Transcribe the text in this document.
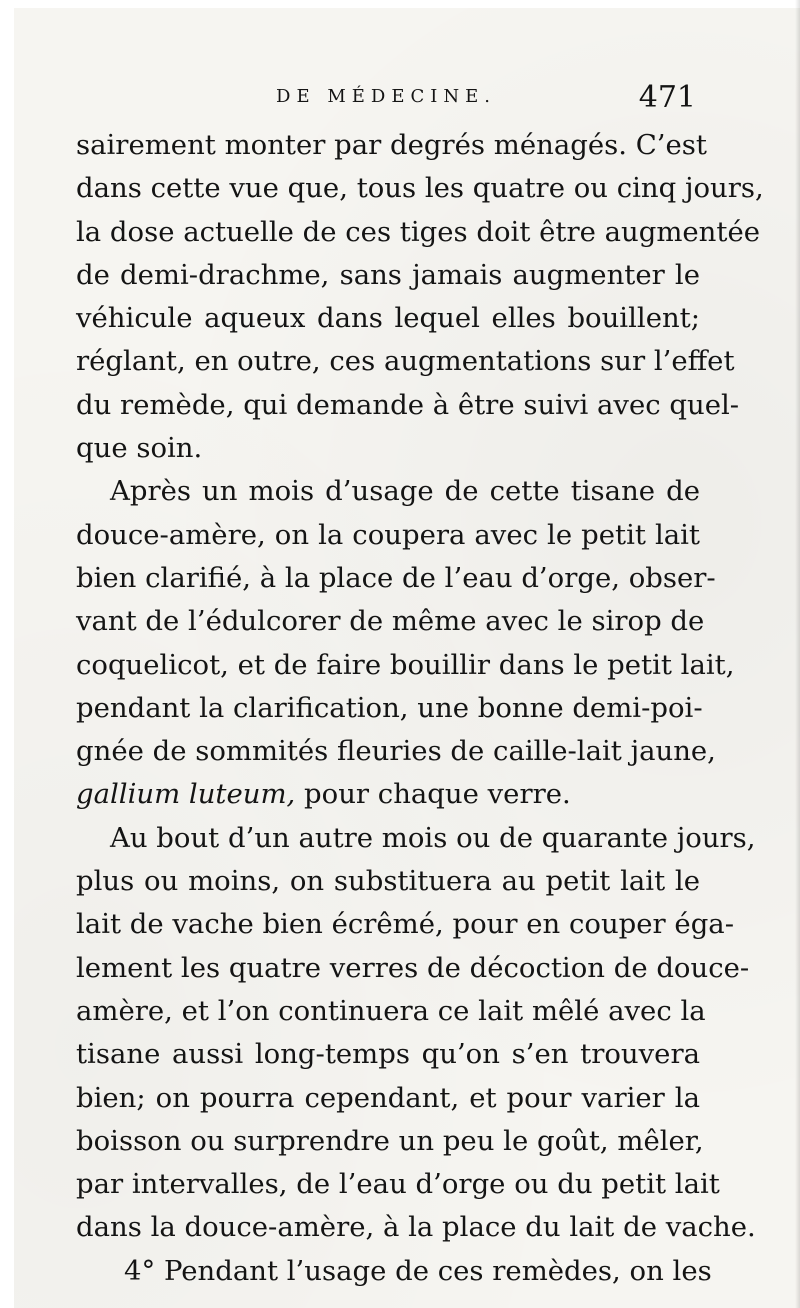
DE MÉDECINE.	471
sairement monter par degrés ménagés. C’est
dans cette vue que, tous les quatre ou cinq jours,
la dose actuelle de ces tiges doit être augmentée
de demi-drachme, sans jamais augmenter le
véhicule aqueux dans lequel elles bouillent;
réglant, en outre, ces augmentations sur l’effet
du remède, qui demande à être suivi avec quel-
que soin.
Après un mois d’usage de cette tisane de
douce-amère, on la coupera avec le petit lait
bien clarifié, à la place de l’eau d’orge, obser-
vant de l’édulcorer de même avec le sirop de
coquelicot, et de faire bouillir dans le petit lait,
pendant la clarification, une bonne demi-poi-
gnée de sommités fleuries de caille-lait jaune,
gallium luteum, pour chaque verre.
Au bout d’un autre mois ou de quarante jours,
plus ou moins, on substituera au petit lait le
lait de vache bien écrêmé, pour en couper éga-
lement les quatre verres de décoction de douce-
amère, et l’on continuera ce lait mêlé avec la
tisane aussi long-temps qu’on s’en trouvera
bien; on pourra cependant, et pour varier la
boisson ou surprendre un peu le goût, mêler,
par intervalles, de l’eau d’orge ou du petit lait
dans la douce-amère, à la place du lait de vache.
4° Pendant l’usage de ces remèdes, on les
